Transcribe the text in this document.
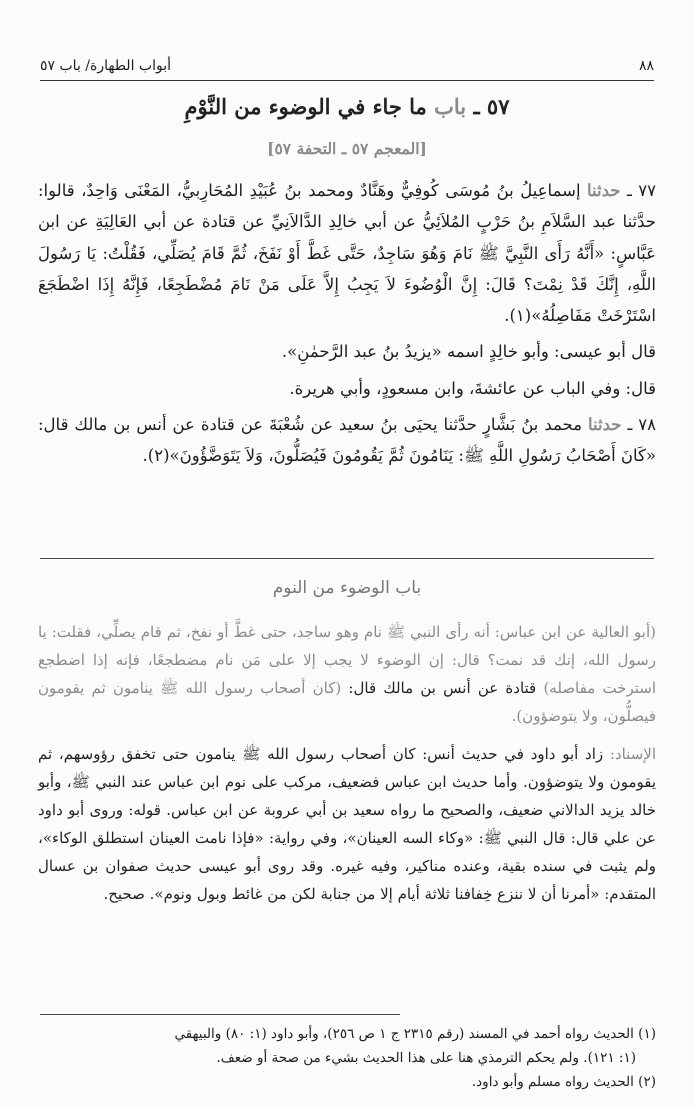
٨٨
أبواب الطهارة/ باب ٥٧
٥٧ ـ باب ما جاء في الوضوء من النَّوْمِ
[المعجم ٥٧ ـ التحفة ٥٧]

٧٧ ـ حدثنا إسماعِيلُ بنُ مُوسَى كُوفِيٌّ وهَنَّادٌ ومحمد بنُ عُبَيْدِ المُحَارِبيُّ، المَعْنَى وَاحِدٌ، قالوا: حدَّثنا عبد السَّلاَمِ بنُ حَرْبٍ المُلاَئِيُّ عن أبي خالِدِ الدَّالاَنِيِّ عن قتادة عن أبي العَالِيَةِ عن ابن عَبَّاسٍ: «أَنَّهُ رَأَى النَّبِيَّ ﷺ نَامَ وَهُوَ سَاجِدٌ، حَتَّى غَطَّ أَوْ نَفَخَ، ثُمَّ قَامَ يُصَلِّي، فَقُلْتُ: يَا رَسُولَ اللَّهِ، إِنَّكَ قَدْ نِمْتَ؟ قَالَ: إِنَّ الْوُضُوءَ لاَ يَجِبُ إِلاَّ عَلَى مَنْ نَامَ مُضْطَجِعًا، فَإِنَّهُ إِذَا اضْطَجَعَ اسْتَرْخَتْ مَفَاصِلُهُ»(١).

قال أبو عيسى: وأبو خالِدٍ اسمه «يزيدُ بنُ عبد الرَّحمٰنِ».

قال: وفي الباب عن عائشةَ، وابن مسعودٍ، وأبي هريرة.

٧٨ ـ حدثنا محمد بنُ بَشَّارٍ حدَّثنا يحيَى بنُ سعيد عن شُعْبَةَ عن قتادة عن أنس بن مالك قال: «كَانَ أَصْحَابُ رَسُولِ اللَّهِ ﷺ: يَنَامُونَ ثُمَّ يَقُومُونَ فَيُصَلُّونَ، وَلاَ يَتَوَضَّؤُونَ»(٢).

باب الوضوء من النوم

(أبو العالية عن ابن عباس: أنه رأى النبي ﷺ نام وهو ساجد، حتى غطَّ أو نفخ، ثم قام يصلِّي، فقلت: يا رسول الله، إنك قد نمت؟ قال: إن الوضوء لا يجب إلا على مَن نام مضطجعًا، فإنه إذا اضطجع استرخت مفاصله) قتادة عن أنس بن مالك قال: (كان أصحاب رسول الله ﷺ ينامون ثم يقومون فيصلُّون، ولا يتوضؤون).

الإسناد: زاد أبو داود في حديث أنس: كان أصحاب رسول الله ﷺ ينامون حتى تخفق رؤوسهم، ثم يقومون ولا يتوضؤون. وأما حديث ابن عباس فضعيف، مركب على نوم ابن عباس عند النبي ﷺ، وأبو خالد يزيد الدالاني ضعيف، والصحيح ما رواه سعيد بن أبي عروبة عن ابن عباس. قوله: وروى أبو داود عن علي قال: قال النبي ﷺ: «وكاء السه العينان»، وفي رواية: «فإذا نامت العينان استطلق الوكاء»، ولم يثبت في سنده بقية، وعنده مناكير، وفيه غيره. وقد روى أبو عيسى حديث صفوان بن عسال المتقدم: «أمرنا أن لا ننزع خِفافنا ثلاثة أيام إلا من جنابة لكن من غائط وبول ونوم». صحيح.

(١) الحديث رواه أحمد في المسند (رقم ٢٣١٥ ج ١ ص ٢٥٦)، وأبو داود (١: ٨٠) والبيهقي

(١: ١٢١). ولم يحكم الترمذي هنا على هذا الحديث بشيء من صحة أو ضعف.

(٢) الحديث رواه مسلم وأبو داود.
